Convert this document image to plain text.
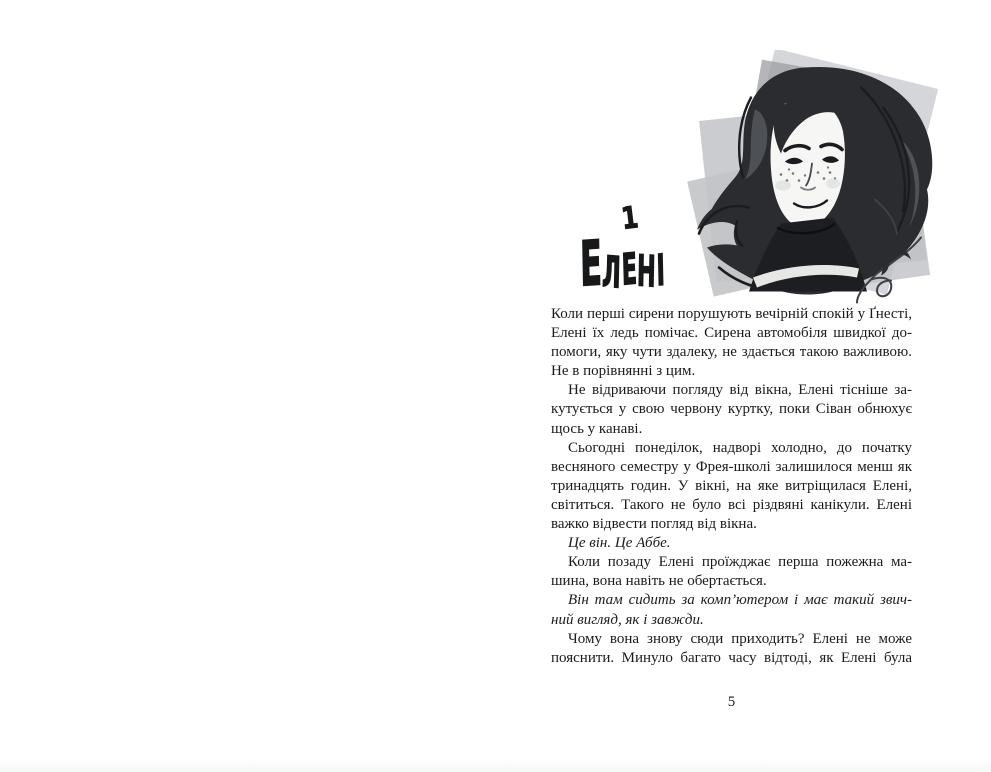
1
Елені
Коли перші сирени порушують вечірній спокій у Ґнесті,
Елені їх ледь помічає. Сирена автомобіля швидкої до-
помоги, яку чути здалеку, не здається такою важливою.
Не в порівнянні з цим.
Не відриваючи погляду від вікна, Елені тісніше за-
кутується у свою червону куртку, поки Сіван обнюхує
щось у канаві.
Сьогодні понеділок, надворі холодно, до початку
весняного семестру у Фрея-школі залишилося менш як
тринадцять годин. У вікні, на яке витріщилася Елені,
світиться. Такого не було всі різдвяні канікули. Елені
важко відвести погляд від вікна.
Це він. Це Аббе.
Коли позаду Елені проїжджає перша пожежна ма-
шина, вона навіть не обертається.
Він там сидить за комп’ютером і має такий звич-
ний вигляд, як і завжди.
Чому вона знову сюди приходить? Елені не може
пояснити. Минуло багато часу відтоді, як Елені була
5
